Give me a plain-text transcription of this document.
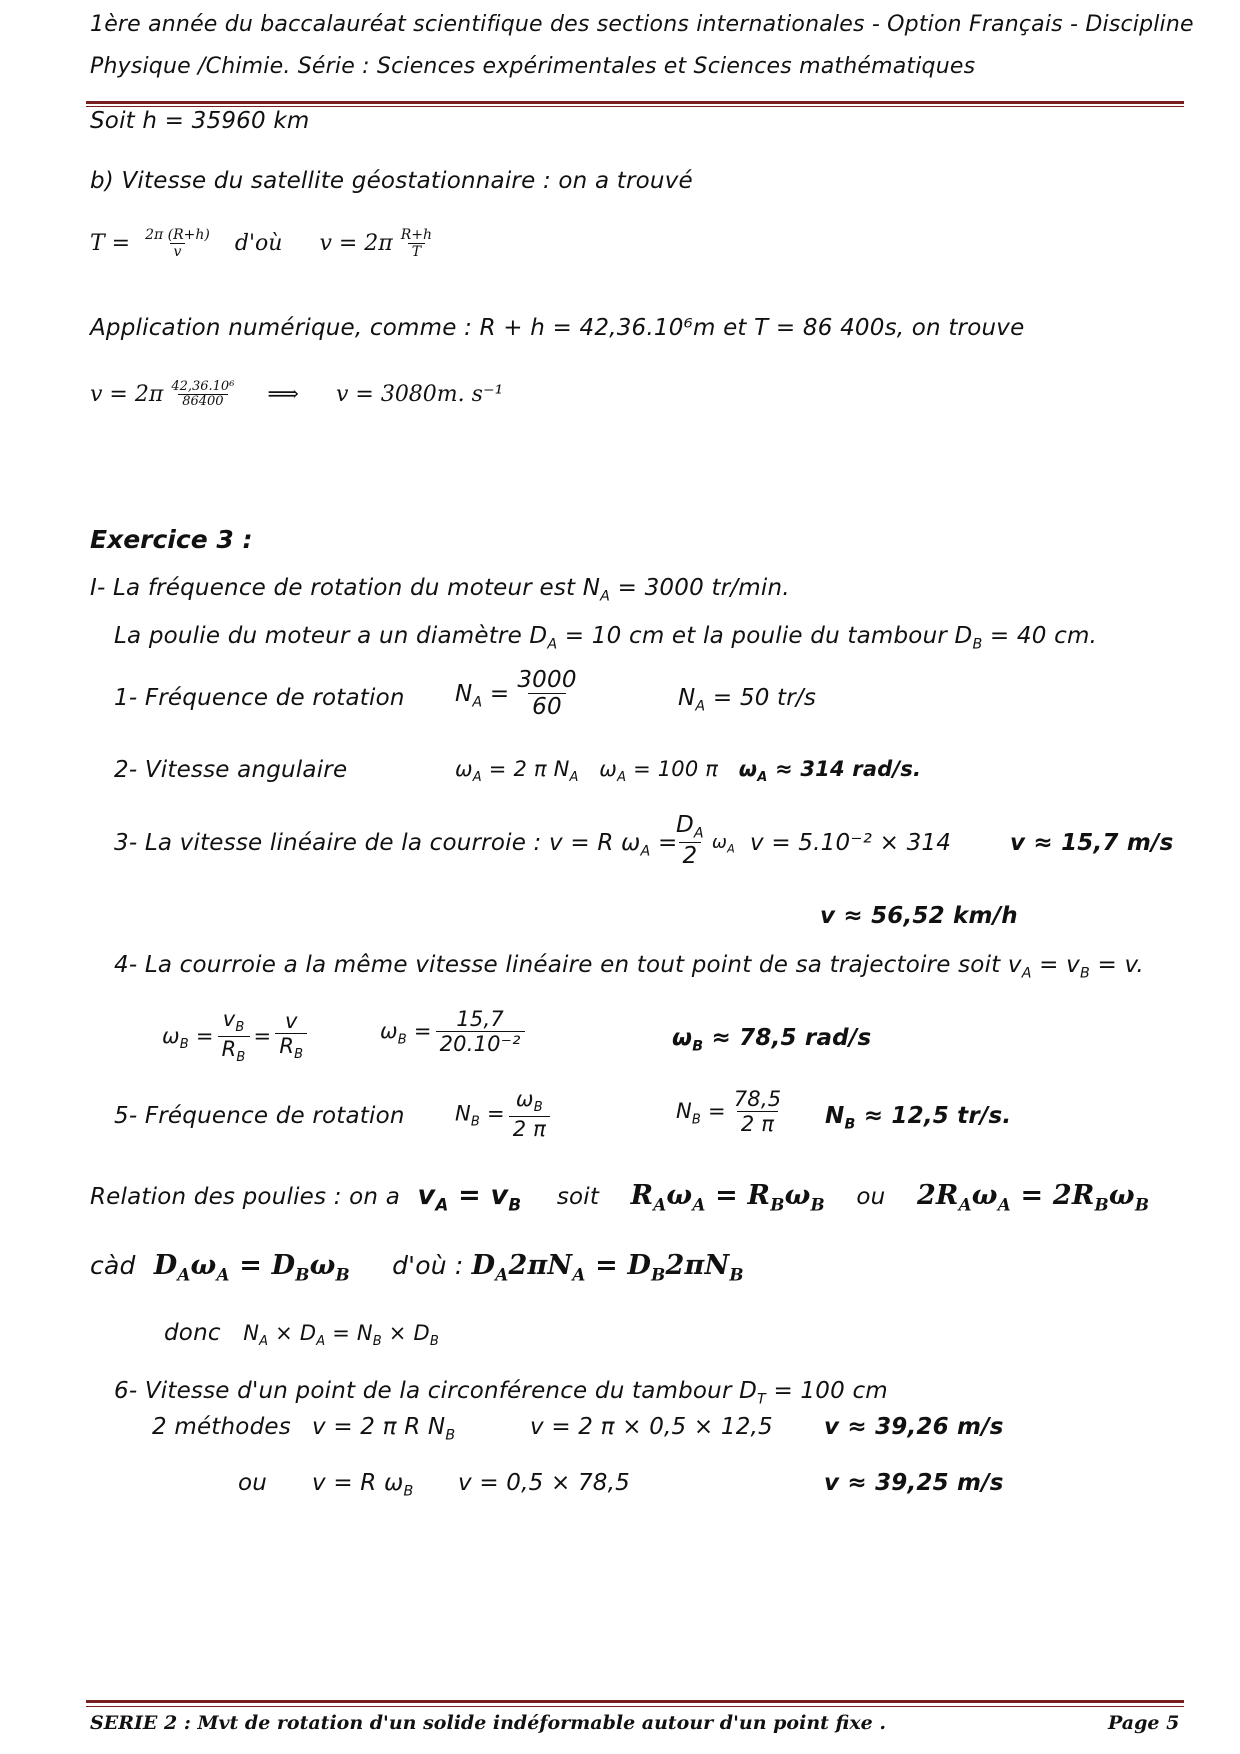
1ère année du baccalauréat scientifique des sections internationales - Option Français - Discipline
Physique /Chimie. Série : Sciences expérimentales et Sciences mathématiques
Soit h = 35960 km
b) Vitesse du satellite géostationnaire : on a trouvé
$T = \frac{2\pi (R+h)}{v}$ d'où $v = 2\pi \frac{R+h}{T}$
Application numérique, comme : R + h = 42,36.10⁶m et T = 86 400s, on trouve
$v = 2\pi \frac{\text{42,36.10⁶}}{86400}$ ⟹ v = 3080m. s⁻¹
Exercice 3 :
I- La fréquence de rotation du moteur est $N_A = 3000$ tr/min.
La poulie du moteur a un diamètre $D_A = 10$ cm et la poulie du tambour $D_B = 40$ cm.
1- Fréquence de rotation $N_A = \frac{3000}{60}$	$N_A = 50$ tr/s
2- Vitesse angulaire	$\omega_A = 2$ π $N_A$   $\omega_A = 100$ π $\omega_A \approx 314$ rad/s.
3- La vitesse linéaire de la courroie : v = R $\omega_A$ =
$\frac{D_A}{2} \omega_A$ v = 5.10⁻² × 314	v ≈ 15,7 m/s
v ≈ 56,52 km/h
4- La courroie a la même vitesse linéaire en tout point de sa trajectoire soit $v_A = v_B = v$.
$\omega_B = \frac{v_B}{R_B} = \frac{v}{R_B}$	$\omega_B = \frac{15,7}{\text{20.10⁻²}}$	$\omega_B \approx 78,5$ rad/s
5- Fréquence de rotation $N_B = \frac{\omega_B}{2 \pi}$	$N_B = \frac{78,5}{2 \pi} N_B \approx 12,5$ tr/s.
Relation des poulies : on a $v_A = v_B$ soit $R_A\omega_A = R_B\omega_B$ ou $2R_A\omega_A = 2R_B\omega_B$
càd $D_A\omega_A = D_B\omega_B$ d'où : $D_A2\pi N_A = D_B2\pi N_B$
donc $N_A \times D_A = N_B \times D_B$
6- Vitesse d'un point de la circonférence du tambour $D_T = 100$ cm
2 méthodes v = 2 π R $N_B$	v = 2 π × 0,5 × 12,5 v ≈ 39,26 m/s
ou v = R $\omega_B$ v = 0,5 × 78,5	v ≈ 39,25 m/s
SERIE 2 : Mvt de rotation d'un solide indéformable autour d'un point fixe .	Page 5
